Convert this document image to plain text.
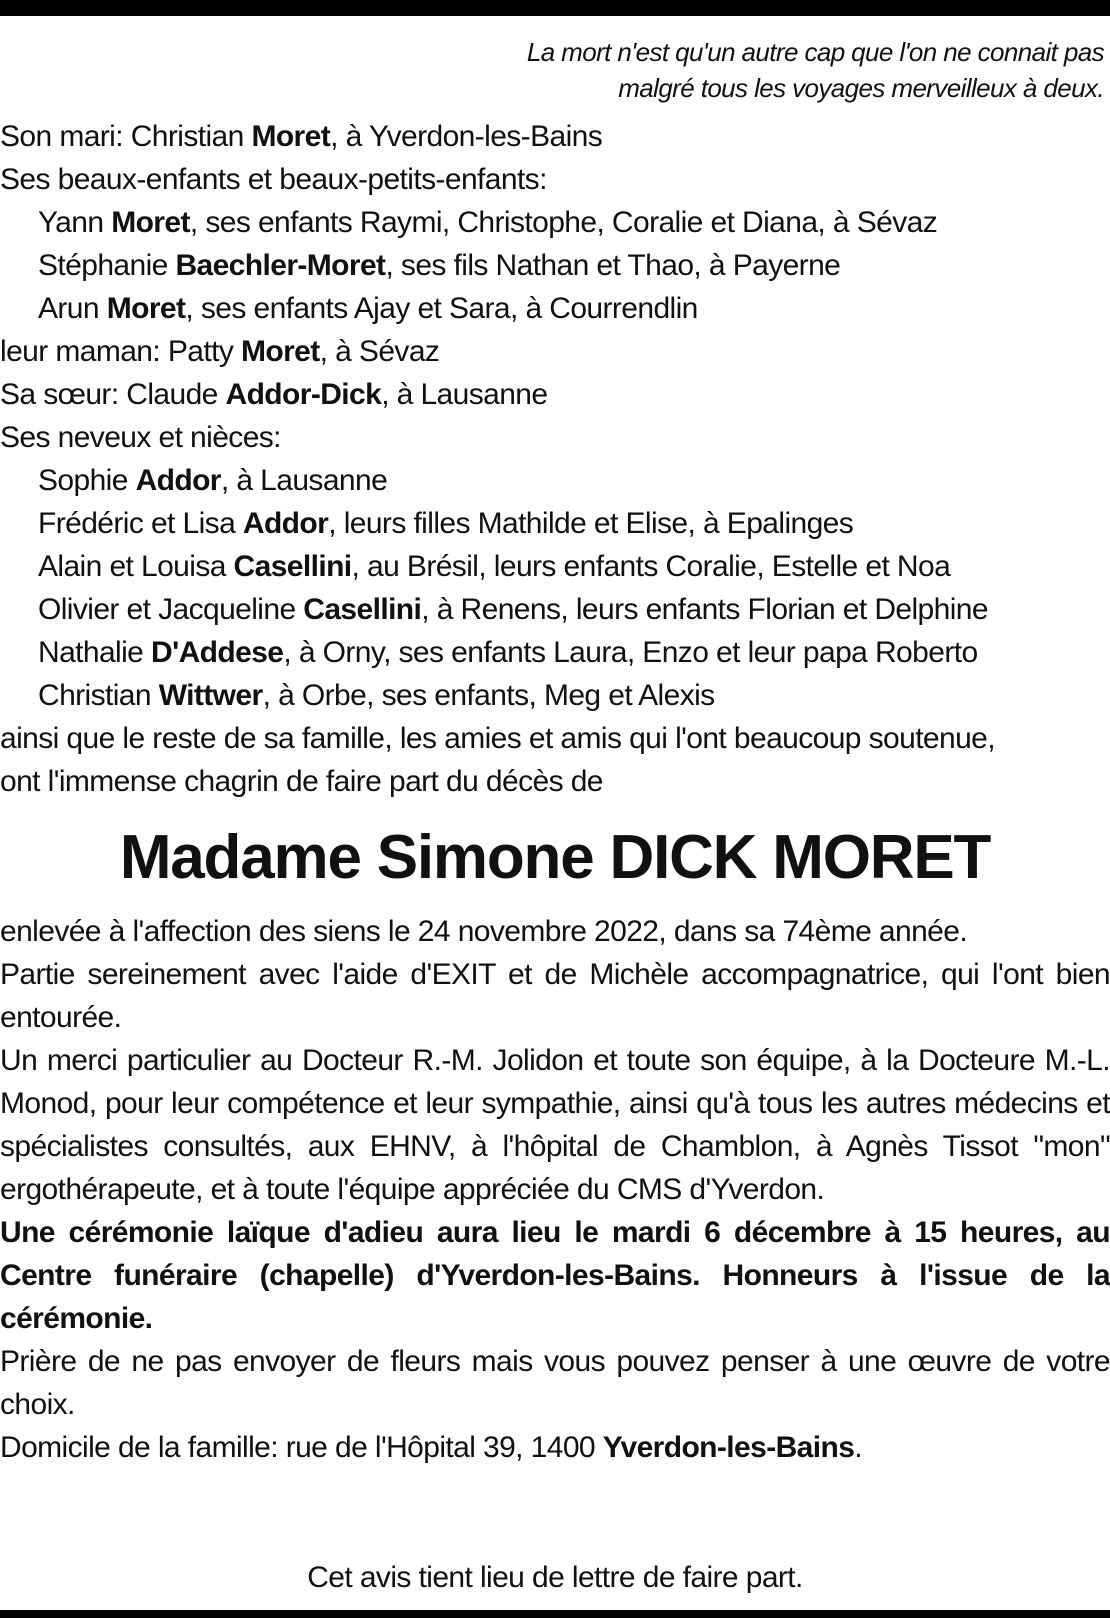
La mort n'est qu'un autre cap que l'on ne connait pas
malgré tous les voyages merveilleux à deux.
Son mari: Christian Moret, à Yverdon-les-Bains
Ses beaux-enfants et beaux-petits-enfants:
Yann Moret, ses enfants Raymi, Christophe, Coralie et Diana, à Sévaz
Stéphanie Baechler-Moret, ses fils Nathan et Thao, à Payerne
Arun Moret, ses enfants Ajay et Sara, à Courrendlin
leur maman: Patty Moret, à Sévaz
Sa sœur: Claude Addor-Dick, à Lausanne
Ses neveux et nièces:
Sophie Addor, à Lausanne
Frédéric et Lisa Addor, leurs filles Mathilde et Elise, à Epalinges
Alain et Louisa Casellini, au Brésil, leurs enfants Coralie, Estelle et Noa
Olivier et Jacqueline Casellini, à Renens, leurs enfants Florian et Delphine
Nathalie D'Addese, à Orny, ses enfants Laura, Enzo et leur papa Roberto
Christian Wittwer, à Orbe, ses enfants, Meg et Alexis
ainsi que le reste de sa famille, les amies et amis qui l'ont beaucoup soutenue,
ont l'immense chagrin de faire part du décès de
Madame Simone DICK MORET

enlevée à l'affection des siens le 24 novembre 2022, dans sa 74ème année.

Partie sereinement avec l'aide d'EXIT et de Michèle accompagnatrice, qui l'ont bien entourée.

Un merci particulier au Docteur R.-M. Jolidon et toute son équipe, à la Docteure M.-L. Monod, pour leur compétence et leur sympathie, ainsi qu'à tous les autres médecins et spécialistes consultés, aux EHNV, à l'hôpital de Chamblon, à Agnès Tissot "mon" ergothérapeute, et à toute l'équipe appréciée du CMS d'Yverdon.

Une cérémonie laïque d'adieu aura lieu le mardi 6 décembre à 15 heures, au Centre funéraire (chapelle) d'Yverdon-les-Bains. Honneurs à l'issue de la cérémonie.

Prière de ne pas envoyer de fleurs mais vous pouvez penser à une œuvre de votre choix.

Domicile de la famille: rue de l'Hôpital 39, 1400 Yverdon-les-Bains.

Cet avis tient lieu de lettre de faire part.
